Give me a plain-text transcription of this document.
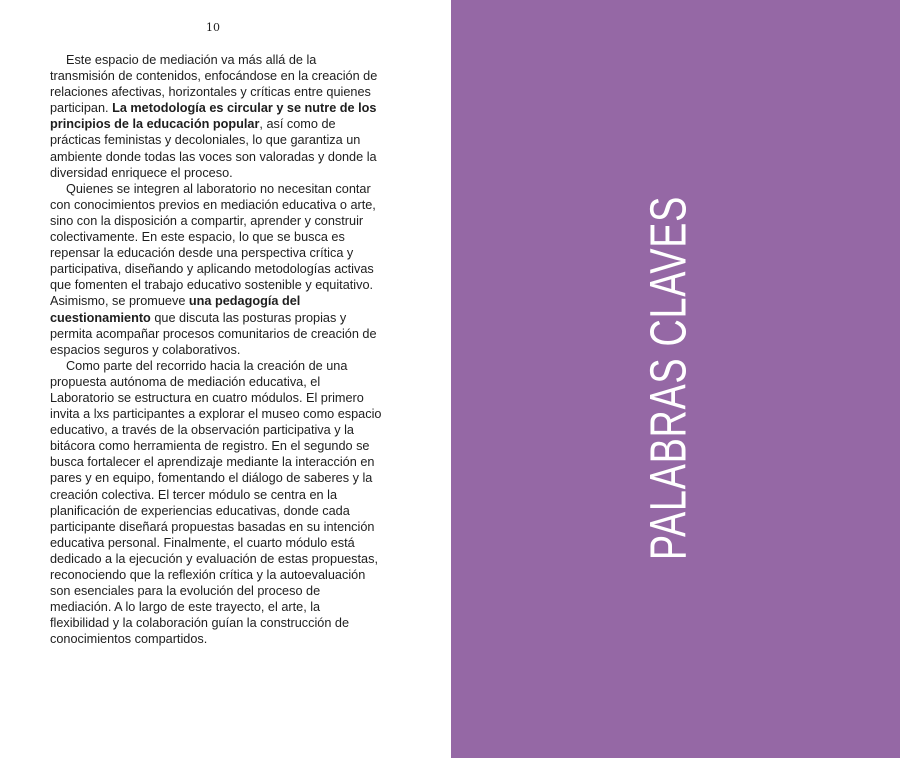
10

Este espacio de mediación va más allá de la transmisión de contenidos, enfocándose en la creación de relaciones afectivas, horizontales y críticas entre quienes participan. La metodología es circular y se nutre de los principios de la educación popular, así como de prácticas feministas y decoloniales, lo que garantiza un ambiente donde todas las voces son valoradas y donde la diversidad enriquece el proceso.

Quienes se integren al laboratorio no necesitan contar con conocimientos previos en mediación educativa o arte, sino con la disposición a compartir, aprender y construir colectivamente. En este espacio, lo que se busca es repensar la educación desde una perspectiva crítica y participativa, diseñando y aplicando metodologías activas que fomenten el trabajo educativo sostenible y equitativo. Asimismo, se promueve una pedagogía del cuestionamiento que discuta las posturas propias y permita acompañar procesos comunitarios de creación de espacios seguros y colaborativos.

Como parte del recorrido hacia la creación de una propuesta autónoma de mediación educativa, el Laboratorio se estructura en cuatro módulos. El primero invita a lxs participantes a explorar el museo como espacio educativo, a través de la observación participativa y la bitácora como herramienta de registro. En el segundo se busca fortalecer el aprendizaje mediante la interacción en pares y en equipo, fomentando el diálogo de saberes y la creación colectiva. El tercer módulo se centra en la planificación de experiencias educativas, donde cada participante diseñará propuestas basadas en su intención educativa personal. Finalmente, el cuarto módulo está dedicado a la ejecución y evaluación de estas propuestas, reconociendo que la reflexión crítica y la autoevaluación son esenciales para la evolución del proceso de mediación. A lo largo de este trayecto, el arte, la flexibilidad y la colaboración guían la construcción de conocimientos compartidos.

PALABRAS CLAVES
